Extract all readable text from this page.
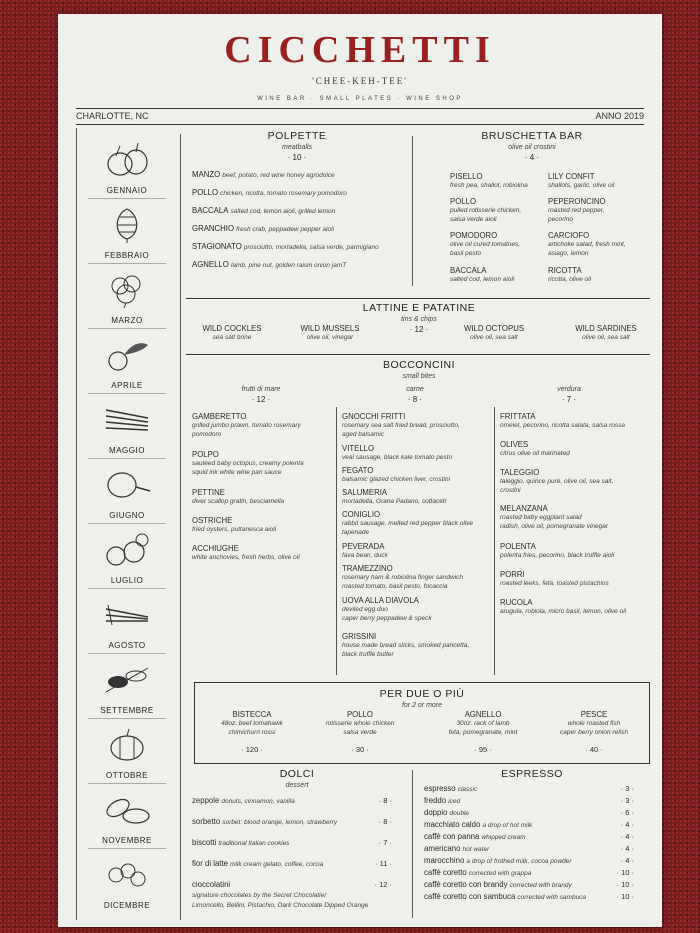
CICCHETTI
'CHEE-KEH-TEE'
WINE BAR · SMALL PLATES · WINE SHOP
CHARLOTTE, NC	ANNO 2019
GENNAIO
FEBBRAIO
MARZO
APRILE
MAGGIO
GIUGNO
LUGLIO
AGOSTO
SETTEMBRE
OTTOBRE
NOVEMBRE
DICEMBRE
POLPETTE
meatballs
· 10 ·
MANZO beef, potato, red wine honey agrodolce
POLLO chicken, ricotta, tomato rosemary pomodoro
BACCALA salted cod, lemon aioli, grilled lemon
GRANCHIO fresh crab, peppadew pepper aioli
STAGIONATO prosciutto, mortadella, salsa verde, parmigiano
AGNELLO lamb, pine nut, golden raisin onion jamT
BRUSCHETTA BAR
olive oil crostini
· 4 ·
PISELLO
fresh pea, shallot, robiolina
POLLO
pulled rotisserie chicken,
salsa verde aioli
POMODORO
olive oil cured tomatoes,
basil pesto
BACCALA
salted cod, lemon aioli
LILY CONFIT
shallots, garlic, olive oil
PEPERONCINO
roasted red pepper,
pecorino
CARCIOFO
artichoke salad, fresh mint,
asiago, lemon
RICOTTA
ricotta, olive oil
LATTINE E PATATINE
tins & chips
· 12 ·
WILD COCKLES
sea salt brine
WILD MUSSELS
olive oil, vinegar
WILD OCTOPUS
olive oil, sea salt
WILD SARDINES
olive oil, sea salt
BOCCONCINI
small bites
frutti di mare
· 12 ·
carne
· 8 ·
verdura
· 7 ·
GAMBERETTO
grilled jumbo prawn, tomato rosemary
pomodoro
POLPO
sautéed baby octopus, creamy polenta
squid ink white wine pan sauce
PETTINE
diver scallop gratin, besciamella
OSTRICHE
fried oysters, puttanesca aioli
ACCHIUGHE
white anchovies, fresh herbs, olive oil
GNOCCHI FRITTI
rosemary sea salt fried bread, prosciutto,
aged balsamic
VITELLO
veal sausage, black kale tomato pesto
FEGATO
balsamic glazed chicken liver, crostini
SALUMERIA
mortadella, Grana Padano, sottaceti
CONIGLIO
rabbit sausage, melted red pepper black olive
tapenade
PEVERADA
fava bean, duck
TRAMEZZINO
rosemary ham & robiolina finger sandwich
roasted tomato, basil pesto, focaccia
UOVA ALLA DIAVOLA
deviled egg duo
caper berry peppadew & speck
GRISSINI
house made bread sticks, smoked pancetta,
black truffle butter
FRITTATA
omelet, pecorino, ricotta salata, salsa rossa
OLIVES
citrus olive oil marinated
TALEGGIO
taleggio, quince purè, olive oil, sea salt,
crostini
MELANZANA
roasted baby eggplant salad
radish, olive oil, pomegranate vinegar
POLENTA
polenta fries, pecorino, black truffle aioli
PORRI
roasted leeks, feta, toasted pistachios
RUCOLA
arugula, robiola, micro basil, lemon, olive oil
PER DUE O PIÙ
for 2 or more
BISTECCA
48oz. beef tomahawk
chimichurri rossi
· 120 ·
POLLO
rotisserie whole chicken
salsa verde
· 30 ·
AGNELLO
30oz. rack of lamb
feta, pomegranate, mint
· 95 ·
PESCE
whole roasted fish
caper berry onion relish
· 40 ·
DOLCI
dessert
zeppole donuts, cinnamon, vanilla	· 8 ·
sorbetto sorbet: blood orange, lemon, strawberry	· 8 ·
biscotti traditional Italian cookies	· 7 ·
fior di latte milk cream gelato, coffee, cocoa	· 11 ·
cioccolatini	· 12 ·
signature chocolates by the Secret Chocolatier
Limoncello, Bellini, Pistachio, Dark Chocolate Dipped Orange
ESPRESSO
espresso classic	· 3 ·
freddo iced	· 3 ·
doppio double	· 6 ·
macchiato caldo a drop of hot milk	· 4 ·
caffè con panna whipped cream	· 4 ·
americano hot water	· 4 ·
marocchino a drop of frothed milk, cocoa powder	· 4 ·
caffè coretto corrected with grappa	· 10 ·
caffè coretto con brandy corrected with brandy	· 10 ·
caffè coretto con sambuca corrected with sambuca	· 10 ·
